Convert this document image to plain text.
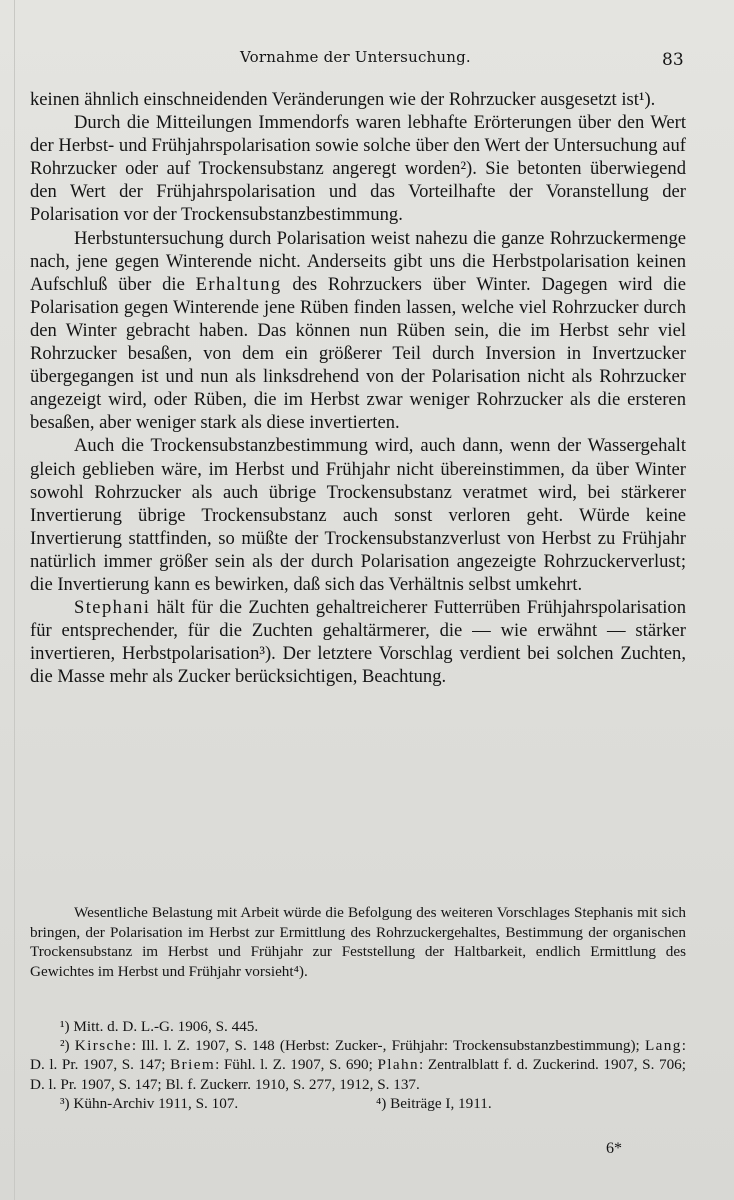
Vornahme der Untersuchung.	83

keinen ähnlich einschneidenden Veränderungen wie der Rohrzucker ausgesetzt ist¹).

Durch die Mitteilungen Immendorfs waren lebhafte Erörterungen über den Wert der Herbst- und Frühjahrspolarisation sowie solche über den Wert der Untersuchung auf Rohrzucker oder auf Trockensubstanz angeregt worden²). Sie betonten überwiegend den Wert der Frühjahrspolarisation und das Vorteilhafte der Voranstellung der Polarisation vor der Trockensubstanzbestimmung.

Herbstuntersuchung durch Polarisation weist nahezu die ganze Rohrzuckermenge nach, jene gegen Winterende nicht. Anderseits gibt uns die Herbstpolarisation keinen Aufschluß über die Erhaltung des Rohrzuckers über Winter. Dagegen wird die Polarisation gegen Winterende jene Rüben finden lassen, welche viel Rohrzucker durch den Winter gebracht haben. Das können nun Rüben sein, die im Herbst sehr viel Rohrzucker besaßen, von dem ein größerer Teil durch Inversion in Invertzucker übergegangen ist und nun als linksdrehend von der Polarisation nicht als Rohrzucker angezeigt wird, oder Rüben, die im Herbst zwar weniger Rohrzucker als die ersteren besaßen, aber weniger stark als diese invertierten.

Auch die Trockensubstanzbestimmung wird, auch dann, wenn der Wassergehalt gleich geblieben wäre, im Herbst und Frühjahr nicht übereinstimmen, da über Winter sowohl Rohrzucker als auch übrige Trockensubstanz veratmet wird, bei stärkerer Invertierung übrige Trockensubstanz auch sonst verloren geht. Würde keine Invertierung stattfinden, so müßte der Trockensubstanzverlust von Herbst zu Frühjahr natürlich immer größer sein als der durch Polarisation angezeigte Rohrzuckerverlust; die Invertierung kann es bewirken, daß sich das Verhältnis selbst umkehrt.

Stephani hält für die Zuchten gehaltreicherer Futterrüben Frühjahrspolarisation für entsprechender, für die Zuchten gehaltärmerer, die — wie erwähnt — stärker invertieren, Herbstpolarisation³). Der letztere Vorschlag verdient bei solchen Zuchten, die Masse mehr als Zucker berücksichtigen, Beachtung.

Wesentliche Belastung mit Arbeit würde die Befolgung des weiteren Vorschlages Stephanis mit sich bringen, der Polarisation im Herbst zur Ermittlung des Rohrzuckergehaltes, Bestimmung der organischen Trockensubstanz im Herbst und Frühjahr zur Feststellung der Haltbarkeit, endlich Ermittlung des Gewichtes im Herbst und Frühjahr vorsieht⁴).

¹) Mitt. d. D. L.-G. 1906, S. 445.

²) Kirsche: Ill. l. Z. 1907, S. 148 (Herbst: Zucker-, Frühjahr: Trockensubstanzbestimmung); Lang: D. l. Pr. 1907, S. 147; Briem: Fühl. l. Z. 1907, S. 690; Plahn: Zentralblatt f. d. Zuckerind. 1907, S. 706; D. l. Pr. 1907, S. 147; Bl. f. Zuckerr. 1910, S. 277, 1912, S. 137.

³) Kühn-Archiv 1911, S. 107.	⁴) Beiträge I, 1911.
6*
